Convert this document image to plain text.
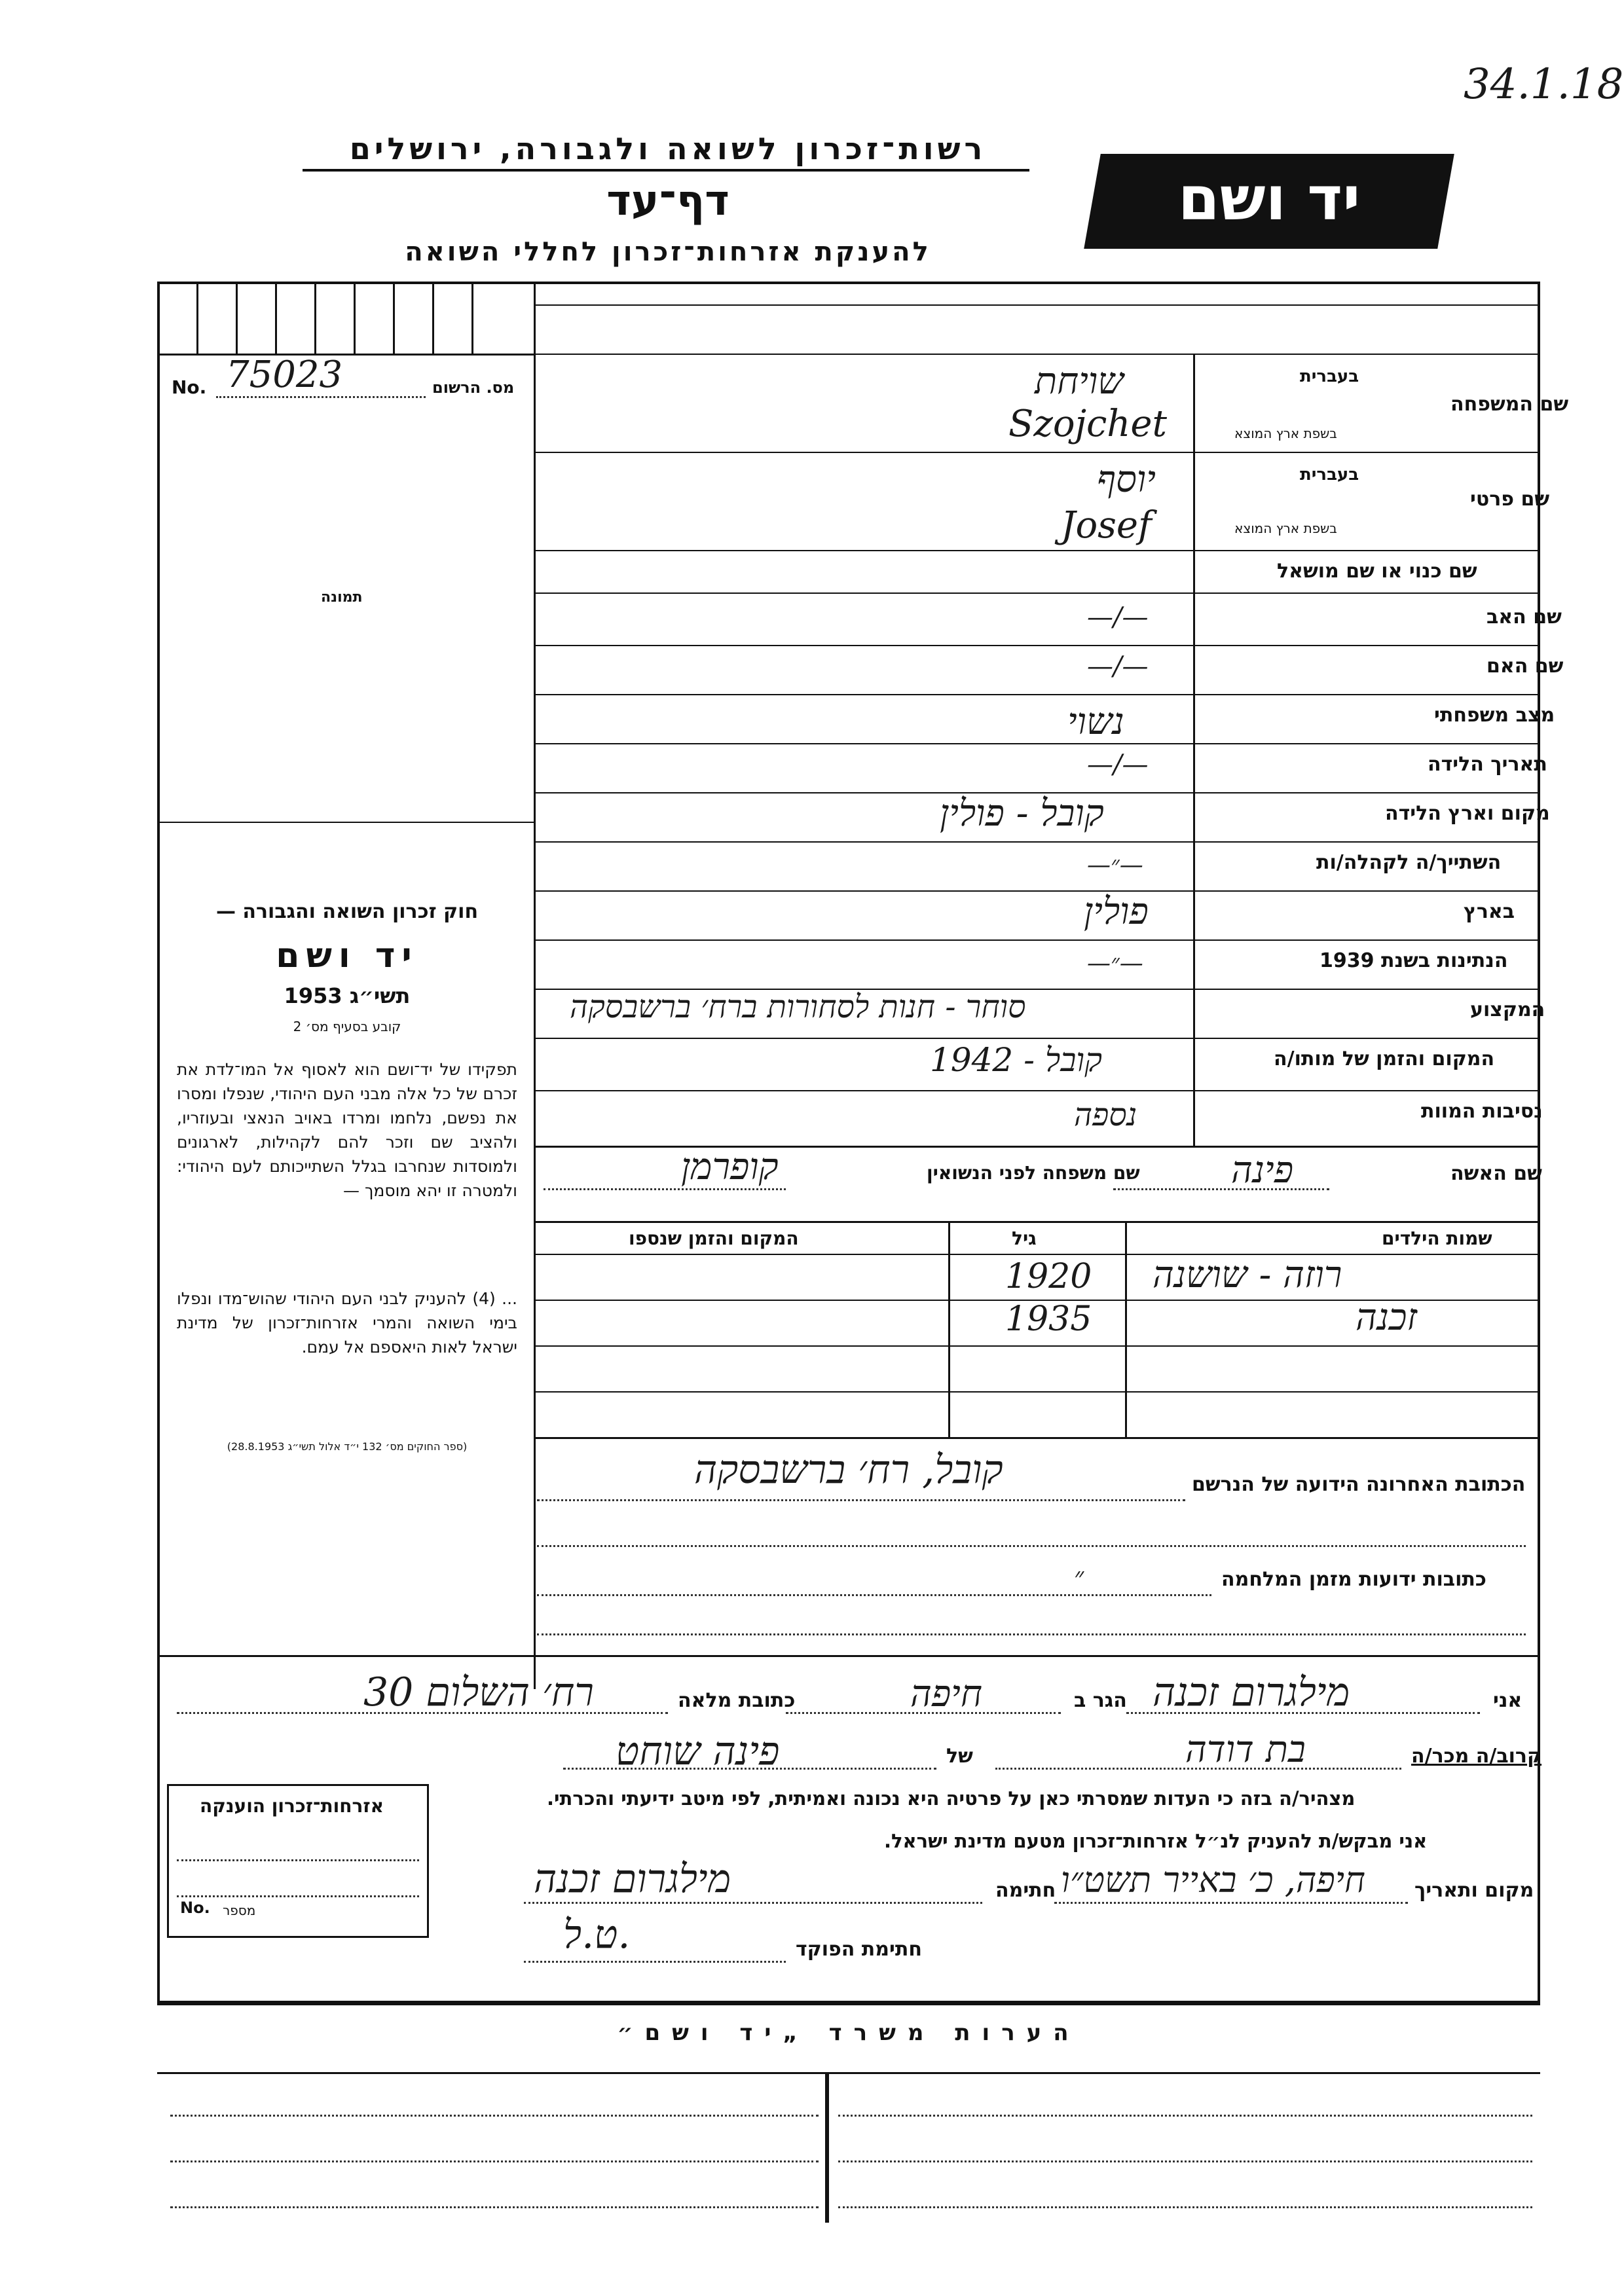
34.1.18
רשות־זכרון לשואה ולגבורה, ירושלים
דף־עד
להענקת אזרחות־זכרון לחללי השואה
יד ושם
No. 75023	מס. הרשום
תמונה
חוק זכרון השואה והגבורה —
יד ושם
תשי״ג 1953
קובע בסעיף מס׳ 2
תפקידו של יד־ושם הוא לאסוף אל המו־לדת את זכרם של כל אלה מבני העם היהודי, שנפלו ומסרו את נפשם, נלחמו ומרדו באויב הנאצי ובעוזריו, ולהציב שם וזכר להם לקהילות, לארגונים ולמוסדות שנחרבו בגלל השתייכותם לעם היהודי: ולמטרה זו יהא מוסמך —
... (4) להעניק לבני העם היהודי שהוש־מדו ונפלו בימי השואה והמרי אזרחות־זכרון של מדינת ישראל לאות היאספם אל עמם.
(ספר החוקים מס׳ 132 י״ד אלול תשי״ג 28.8.1953)
שם המשפחה
בעברית
בשפת ארץ המוצא
שויחת
Szojchet
שם פרטי
בעברית
בשפת ארץ המוצא
יוסף
Josef
שם כנוי או שם מושאל
שם האב
—/—
שם האם
—/—
מצב משפחתי
נשוי
תאריך הלידה
—/—
מקום וארץ הלידה
קובל - פולין
השתייך/ה לקהלה/ות
—״—
בארץ
פולין
הנתינות בשנת 1939
—״—
המקצוע
סוחר - חנות לסחורות ברח׳ ברשבסקה
המקום והזמן של מותו/ה
קובל - 1942
נסיבות המוות
נספה
שם האשה
פינה
שם משפחה לפני הנשואין
קופרמן
שמות הילדים
גיל
המקום והזמן שנספו
רוזה - שושנה
1920
זכנה
1935
הכתובת האחרונה הידועה של הנרשם
קובל, רח׳ ברשבסקה
כתובות ידועות מזמן המלחמה
״
אני
מילגרום זכנה
הגר ב
חיפה
כתובת מלאה
רח׳ השלום 30
קרוב/ה מכר/ה
בת דודה
של
פינה שוחט
מצהיר/ה בזה כי העדות שמסרתי כאן על פרטיה היא נכונה ואמיתית, לפי מיטב ידיעתי והכרתי.
אני מבקש/ת להעניק לנ״ל אזרחות־זכרון מטעם מדינת ישראל.
מקום ותאריך
חיפה, כ׳ באייר תשט״ו
חתימה
מילגרום זכנה
חתימת הפוקד
ט.ל.
אזרחות־זכרון הוענקה
No. מספר
הערות משרד „יד ושם״
